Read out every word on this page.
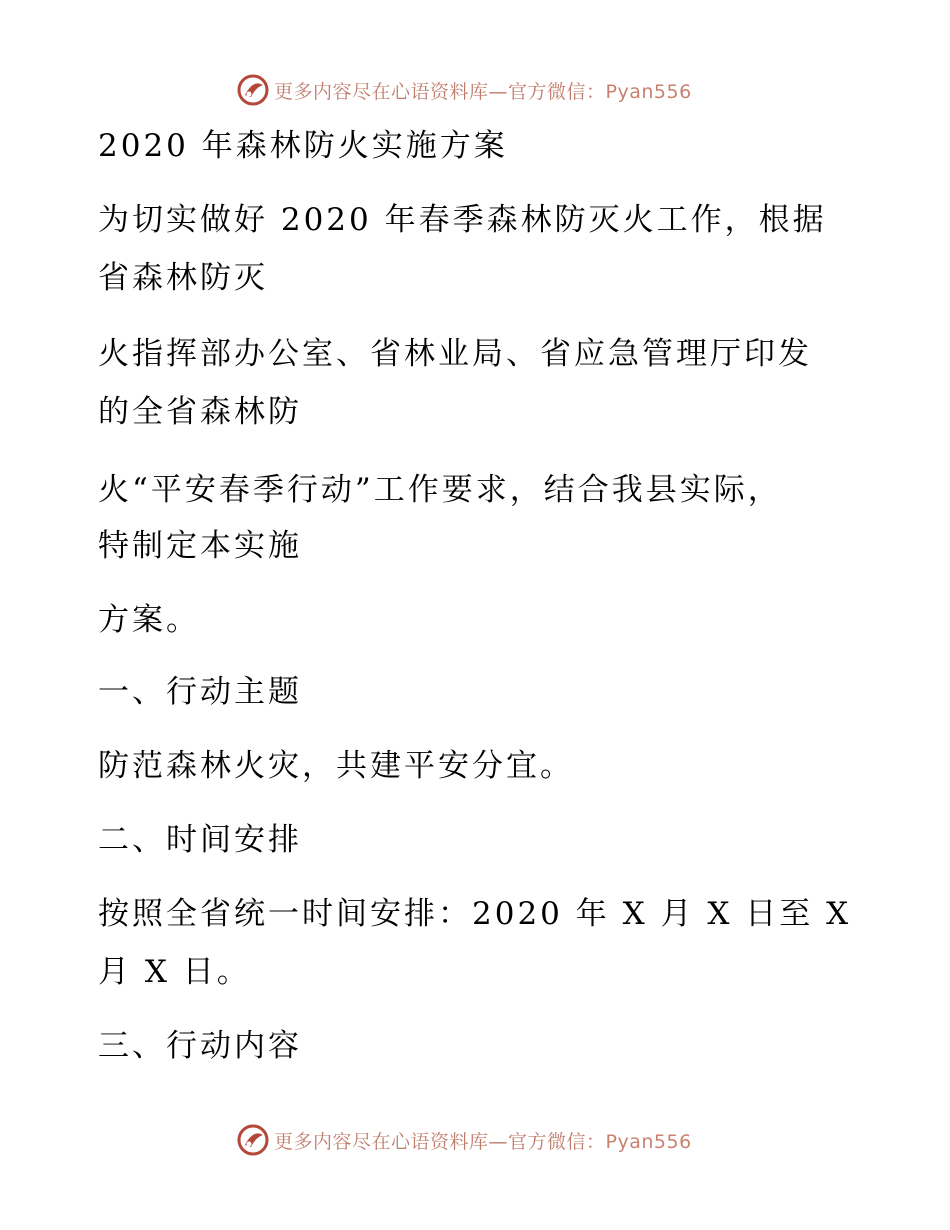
更多内容尽在心语资料库—官方微信：Pyan556
2020 年森林防火实施方案
为切实做好 2020 年春季森林防灭火工作，根据
省森林防灭
火指挥部办公室、省林业局、省应急管理厅印发
的全省森林防
火“平安春季行动”工作要求，结合我县实际，
特制定本实施
方案。
一、行动主题
防范森林火灾，共建平安分宜。
二、时间安排
按照全省统一时间安排：2020 年 X 月 X 日至 X
月 X 日。
三、行动内容
更多内容尽在心语资料库—官方微信：Pyan556
